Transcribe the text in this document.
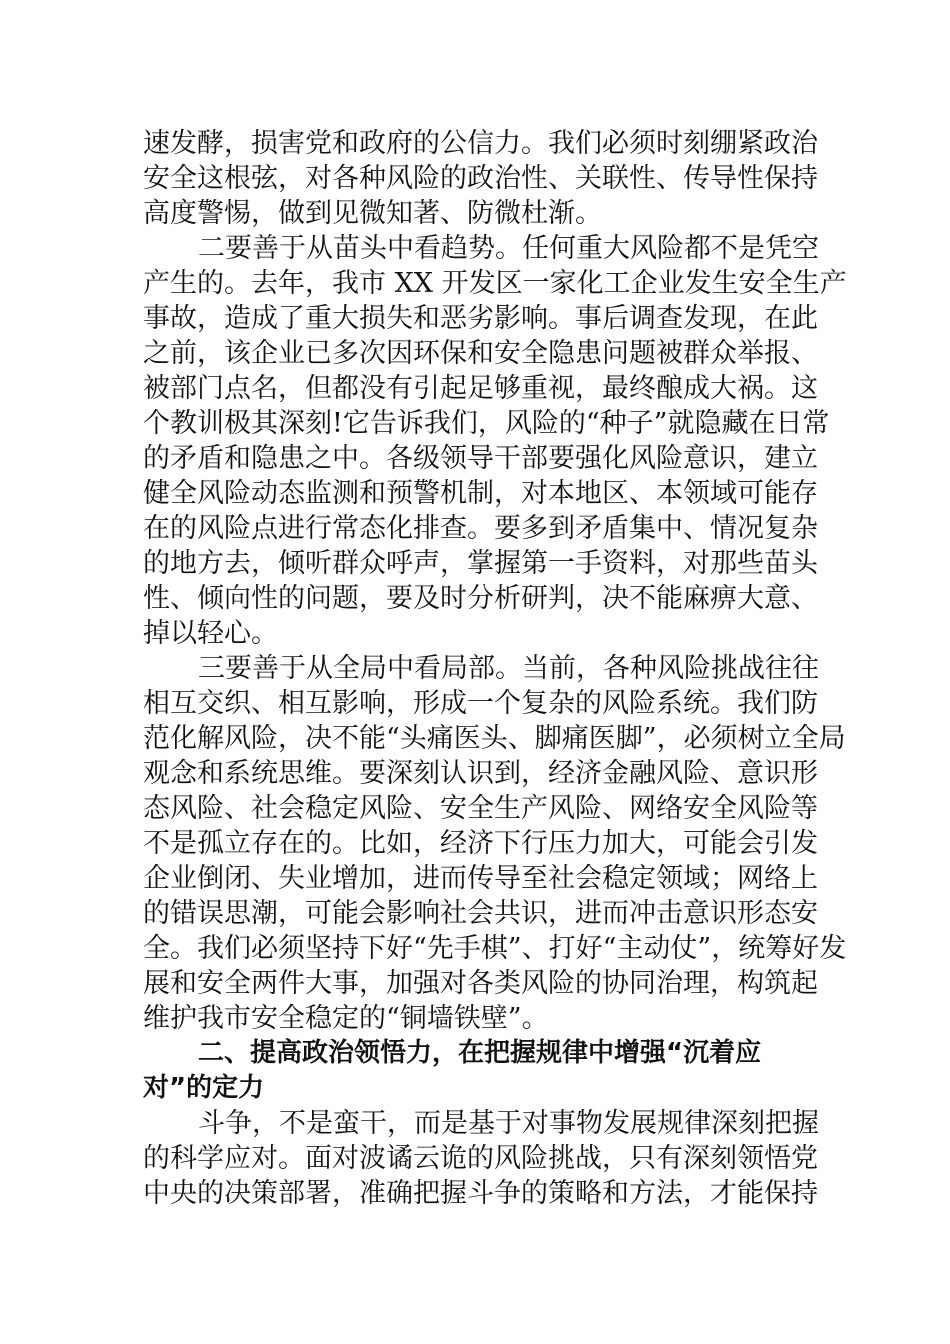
速发酵，损害党和政府的公信力。我们必须时刻绷紧政治
安全这根弦，对各种风险的政治性、关联性、传导性保持
高度警惕，做到见微知著、防微杜渐。
二要善于从苗头中看趋势。任何重大风险都不是凭空
产生的。去年，我市 XX 开发区一家化工企业发生安全生产
事故，造成了重大损失和恶劣影响。事后调查发现，在此
之前，该企业已多次因环保和安全隐患问题被群众举报、
被部门点名，但都没有引起足够重视，最终酿成大祸。这
个教训极其深刻!它告诉我们，风险的“种子”就隐藏在日常
的矛盾和隐患之中。各级领导干部要强化风险意识，建立
健全风险动态监测和预警机制，对本地区、本领域可能存
在的风险点进行常态化排查。要多到矛盾集中、情况复杂
的地方去，倾听群众呼声，掌握第一手资料，对那些苗头
性、倾向性的问题，要及时分析研判，决不能麻痹大意、
掉以轻心。
三要善于从全局中看局部。当前，各种风险挑战往往
相互交织、相互影响，形成一个复杂的风险系统。我们防
范化解风险，决不能“头痛医头、脚痛医脚”，必须树立全局
观念和系统思维。要深刻认识到，经济金融风险、意识形
态风险、社会稳定风险、安全生产风险、网络安全风险等
不是孤立存在的。比如，经济下行压力加大，可能会引发
企业倒闭、失业增加，进而传导至社会稳定领域；网络上
的错误思潮，可能会影响社会共识，进而冲击意识形态安
全。我们必须坚持下好“先手棋”、打好“主动仗”，统筹好发
展和安全两件大事，加强对各类风险的协同治理，构筑起
维护我市安全稳定的“铜墙铁壁”。
二、提高政治领悟力，在把握规律中增强“沉着应
对”的定力
斗争，不是蛮干，而是基于对事物发展规律深刻把握
的科学应对。面对波谲云诡的风险挑战，只有深刻领悟党
中央的决策部署，准确把握斗争的策略和方法，才能保持
